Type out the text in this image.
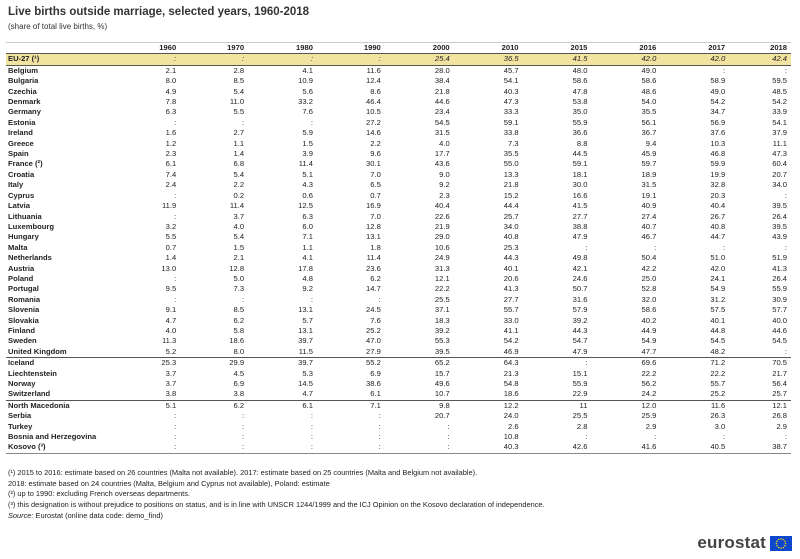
Live births outside marriage, selected years, 1960-2018
(share of total live births, %)
	1960	1970	1980	1990	2000	2010	2015	2016	2017	2018
EU-27 (¹)	:	:	:	:	25.4	36.5	41.5	42.0	42.0	42.4
Belgium	2.1	2.8	4.1	11.6	28.0	45.7	48.0	49.0	:	:
Bulgaria	8.0	8.5	10.9	12.4	38.4	54.1	58.6	58.6	58.9	59.5
Czechia	4.9	5.4	5.6	8.6	21.8	40.3	47.8	48.6	49.0	48.5
Denmark	7.8	11.0	33.2	46.4	44.6	47.3	53.8	54.0	54.2	54.2
Germany	6.3	5.5	7.6	10.5	23.4	33.3	35.0	35.5	34.7	33.9
Estonia	:	:	:	27.2	54.5	59.1	55.9	56.1	56.9	54.1
Ireland	1.6	2.7	5.9	14.6	31.5	33.8	36.6	36.7	37.6	37.9
Greece	1.2	1.1	1.5	2.2	4.0	7.3	8.8	9.4	10.3	11.1
Spain	2.3	1.4	3.9	9.6	17.7	35.5	44.5	45.9	46.8	47.3
France (²)	6.1	6.8	11.4	30.1	43.6	55.0	59.1	59.7	59.9	60.4
Croatia	7.4	5.4	5.1	7.0	9.0	13.3	18.1	18.9	19.9	20.7
Italy	2.4	2.2	4.3	6.5	9.2	21.8	30.0	31.5	32.8	34.0
Cyprus	:	0.2	0.6	0.7	2.3	15.2	16.6	19.1	20.3	:
Latvia	11.9	11.4	12.5	16.9	40.4	44.4	41.5	40.9	40.4	39.5
Lithuania	:	3.7	6.3	7.0	22.6	25.7	27.7	27.4	26.7	26.4
Luxembourg	3.2	4.0	6.0	12.8	21.9	34.0	38.8	40.7	40.8	39.5
Hungary	5.5	5.4	7.1	13.1	29.0	40.8	47.9	46.7	44.7	43.9
Malta	0.7	1.5	1.1	1.8	10.6	25.3	:	:	:	:
Netherlands	1.4	2.1	4.1	11.4	24.9	44.3	49.8	50.4	51.0	51.9
Austria	13.0	12.8	17.8	23.6	31.3	40.1	42.1	42.2	42.0	41.3
Poland	:	5.0	4.8	6.2	12.1	20.6	24.6	25.0	24.1	26.4
Portugal	9.5	7.3	9.2	14.7	22.2	41.3	50.7	52.8	54.9	55.9
Romania	:	:	:	:	25.5	27.7	31.6	32.0	31.2	30.9
Slovenia	9.1	8.5	13.1	24.5	37.1	55.7	57.9	58.6	57.5	57.7
Slovakia	4.7	6.2	5.7	7.6	18.3	33.0	39.2	40.2	40.1	40.0
Finland	4.0	5.8	13.1	25.2	39.2	41.1	44.3	44.9	44.8	44.6
Sweden	11.3	18.6	39.7	47.0	55.3	54.2	54.7	54.9	54.5	54.5
United Kingdom	5.2	8.0	11.5	27.9	39.5	46.9	47.9	47.7	48.2	:
Iceland	25.3	29.9	39.7	55.2	65.2	64.3	:	69.6	71.2	70.5
Liechtenstein	3.7	4.5	5.3	6.9	15.7	21.3	15.1	22.2	22.2	21.7
Norway	3.7	6.9	14.5	38.6	49.6	54.8	55.9	56.2	55.7	56.4
Switzerland	3.8	3.8	4.7	6.1	10.7	18.6	22.9	24.2	25.2	25.7
North Macedonia	5.1	6.2	6.1	7.1	9.8	12.2	11	12.0	11.6	12.1
Serbia	:	:	:	:	20.7	24.0	25.5	25.9	26.3	26.8
Turkey	:	:	:	:	:	2.6	2.8	2.9	3.0	2.9
Bosnia and Herzegovina	:	:	:	:	:	10.8	:	:	:	:
Kosovo (³)	:	:	:	:	:	40.3	42.6	41.6	40.5	38.7
(¹) 2015 to 2016: estimate based on 26 countries (Malta not available). 2017: estimate based on 25 countries (Malta and Belgium not available).
2018: estimate based on 24 countries (Malta, Belgium and Cyprus not available), Poland: estimate
(²) up to 1990: excluding French overseas departments.
(³) this designation is without prejudice to positions on status, and is in line with UNSCR 1244/1999 and the ICJ Opinion on the Kosovo declaration of independence.
Source: Eurostat (online data code: demo_find)
eurostat
